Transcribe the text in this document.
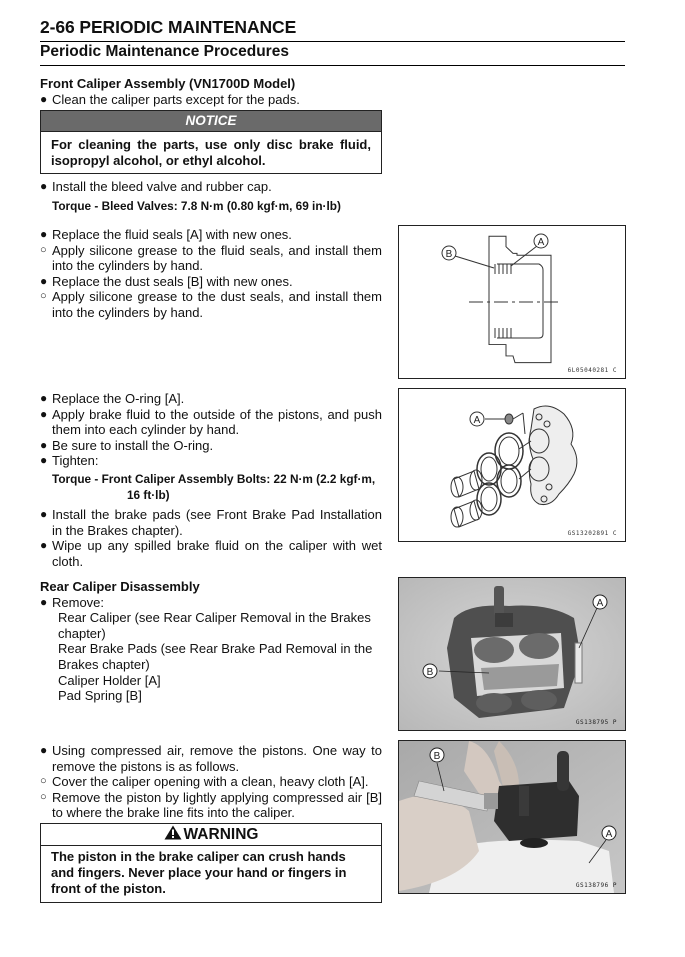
2-66 PERIODIC MAINTENANCE
Periodic Maintenance Procedures
Front Caliper Assembly (VN1700D Model)
● Clean the caliper parts except for the pads.
NOTICE
For cleaning the parts, use only disc brake fluid, isopropyl alcohol, or ethyl alcohol.
● Install the bleed valve and rubber cap.
Torque - Bleed Valves: 7.8 N·m (0.80 kgf·m, 69 in·lb)
● Replace the fluid seals [A] with new ones.
○ Apply silicone grease to the fluid seals, and install them into the cylinders by hand.
● Replace the dust seals [B] with new ones.
○ Apply silicone grease to the dust seals, and install them into the cylinders by hand.
B
A
6L05040281 C
● Replace the O-ring [A].
● Apply brake fluid to the outside of the pistons, and push them into each cylinder by hand.
● Be sure to install the O-ring.
● Tighten:
Torque - Front Caliper Assembly Bolts: 22 N·m (2.2 kgf·m,
16 ft·lb)
● Install the brake pads (see Front Brake Pad Installation in the Brakes chapter).
● Wipe up any spilled brake fluid on the caliper with wet cloth.
A
GS13202891 C
Rear Caliper Disassembly
● Remove:
Rear Caliper (see Rear Caliper Removal in the Brakes chapter)
Rear Brake Pads (see Rear Brake Pad Removal in the Brakes chapter)
Caliper Holder [A]
Pad Spring [B]
A
B
GS138795 P
● Using compressed air, remove the pistons. One way to remove the pistons is as follows.
○ Cover the caliper opening with a clean, heavy cloth [A].
○ Remove the piston by lightly applying compressed air [B] to where the brake line fits into the caliper.
WARNING
The piston in the brake caliper can crush hands and fingers. Never place your hand or fingers in front of the piston.
B
A
GS138796 P
